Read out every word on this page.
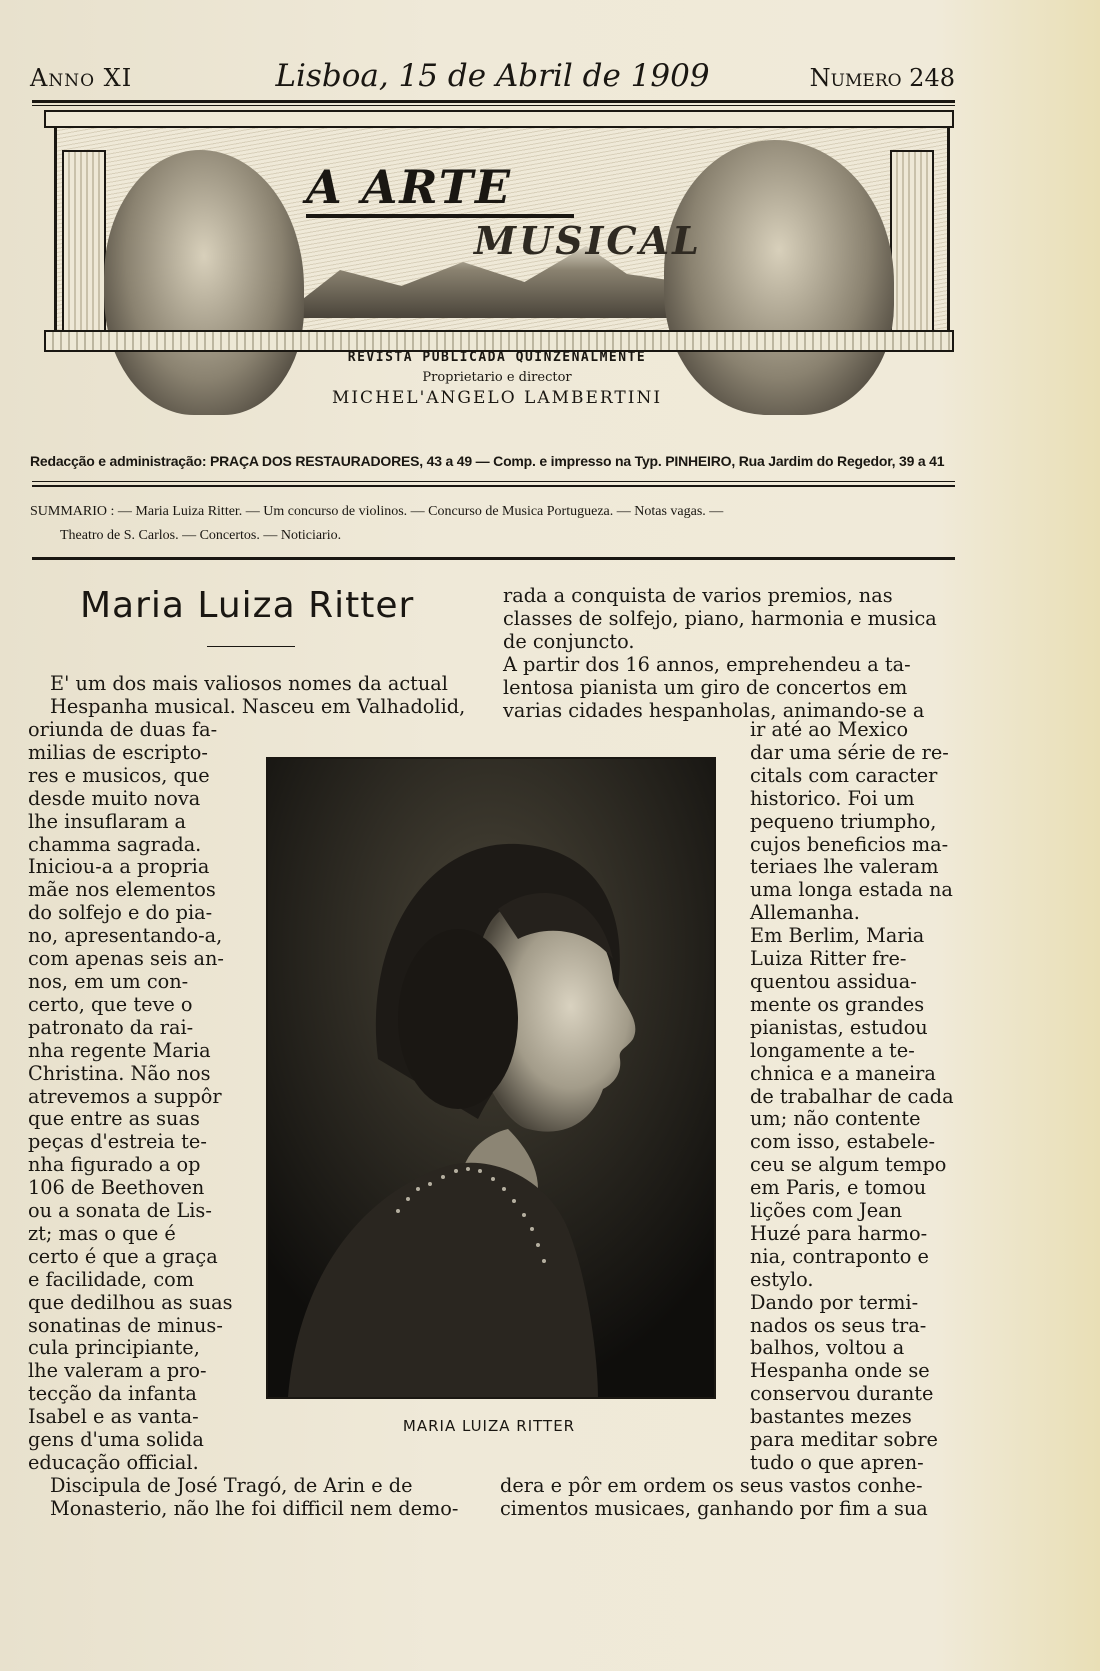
Anno XI	Lisboa, 15 de Abril de 1909	Numero 248
A ARTE
MUSICAL
REVISTA PUBLICADA QUINZENALMENTE
Proprietario e director
MICHEL'ANGELO LAMBERTINI
Redacção e administração: PRAÇA DOS RESTAURADORES, 43 a 49 — Comp. e impresso na Typ. PINHEIRO, Rua Jardim do Regedor, 39 a 41
SUMMARIO : — Maria Luiza Ritter. — Um concurso de violinos. — Concurso de Musica Portugueza. — Notas vagas. —
Theatro de S. Carlos. — Concertos. — Noticiario.
Maria Luiza Ritter
E' um dos mais valiosos nomes da actual
Hespanha musical. Nasceu em Valhadolid,
oriunda de duas fa-
milias de escripto-
res e musicos, que
desde muito nova
lhe insuflaram a
chamma sagrada.
Iniciou-a a propria
mãe nos elementos
do solfejo e do pia-
no, apresentando-a,
com apenas seis an-
nos, em um con-
certo, que teve o
patronato da rai-
nha regente Maria
Christina. Não nos
atrevemos a suppôr
que entre as suas
peças d'estreia te-
nha figurado a op
106 de Beethoven
ou a sonata de Lis-
zt; mas o que é
certo é que a graça
e facilidade, com
que dedilhou as suas
sonatinas de minus-
cula principiante,
lhe valeram a pro-
tecção da infanta
Isabel e as vanta-
gens d'uma solida
educação official.
Discipula de José Tragó, de Arin e de
Monasterio, não lhe foi difficil nem demo-
rada a conquista de varios premios, nas
classes de solfejo, piano, harmonia e musica
de conjuncto.
A partir dos 16 annos, emprehendeu a ta-
lentosa pianista um giro de concertos em
varias cidades hespanholas, animando-se a
ir até ao Mexico
dar uma série de re-
citals com caracter
historico. Foi um
pequeno triumpho,
cujos beneficios ma-
teriaes lhe valeram
uma longa estada na
Allemanha.
Em Berlim, Maria
Luiza Ritter fre-
quentou assidua-
mente os grandes
pianistas, estudou
longamente a te-
chnica e a maneira
de trabalhar de cada
um; não contente
com isso, estabele-
ceu se algum tempo
em Paris, e tomou
lições com Jean
Huzé para harmo-
nia, contraponto e
estylo.
Dando por termi-
nados os seus tra-
balhos, voltou a
Hespanha onde se
conservou durante
bastantes mezes
para meditar sobre
tudo o que apren-
dera e pôr em ordem os seus vastos conhe-
cimentos musicaes, ganhando por fim a sua
MARIA LUIZA RITTER
